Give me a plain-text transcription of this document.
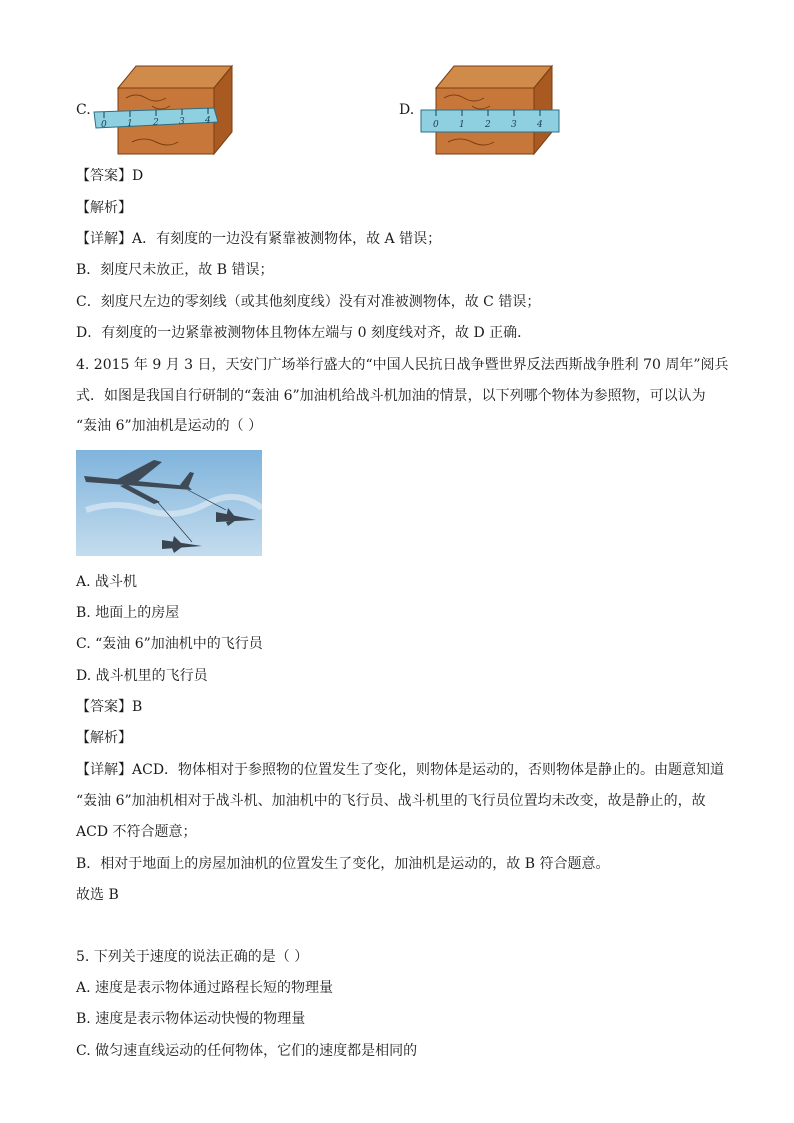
C.
0 1 2 3 4
D.
0 1 2 3 4
【答案】D
【解析】
【详解】A．有刻度的一边没有紧靠被测物体，故 A 错误；
B．刻度尺未放正，故 B 错误；
C．刻度尺左边的零刻线（或其他刻度线）没有对准被测物体，故 C 错误；
D．有刻度的一边紧靠被测物体且物体左端与 0 刻度线对齐，故 D 正确．
4. 2015 年 9 月 3 日，天安门广场举行盛大的“中国人民抗日战争暨世界反法西斯战争胜利 70 周年”阅兵
式．如图是我国自行研制的“轰油 6”加油机给战斗机加油的情景，以下列哪个物体为参照物，可以认为
“轰油 6”加油机是运动的（ ）
A. 战斗机
B. 地面上的房屋
C. “轰油 6”加油机中的飞行员
D. 战斗机里的飞行员
【答案】B
【解析】
【详解】ACD．物体相对于参照物的位置发生了变化，则物体是运动的，否则物体是静止的。由题意知道
“轰油 6”加油机相对于战斗机、加油机中的飞行员、战斗机里的飞行员位置均未改变，故是静止的，故
ACD 不符合题意；
B．相对于地面上的房屋加油机的位置发生了变化，加油机是运动的，故 B 符合题意。
故选 B
5. 下列关于速度的说法正确的是（ ）
A. 速度是表示物体通过路程长短的物理量
B. 速度是表示物体运动快慢的物理量
C. 做匀速直线运动的任何物体，它们的速度都是相同的
